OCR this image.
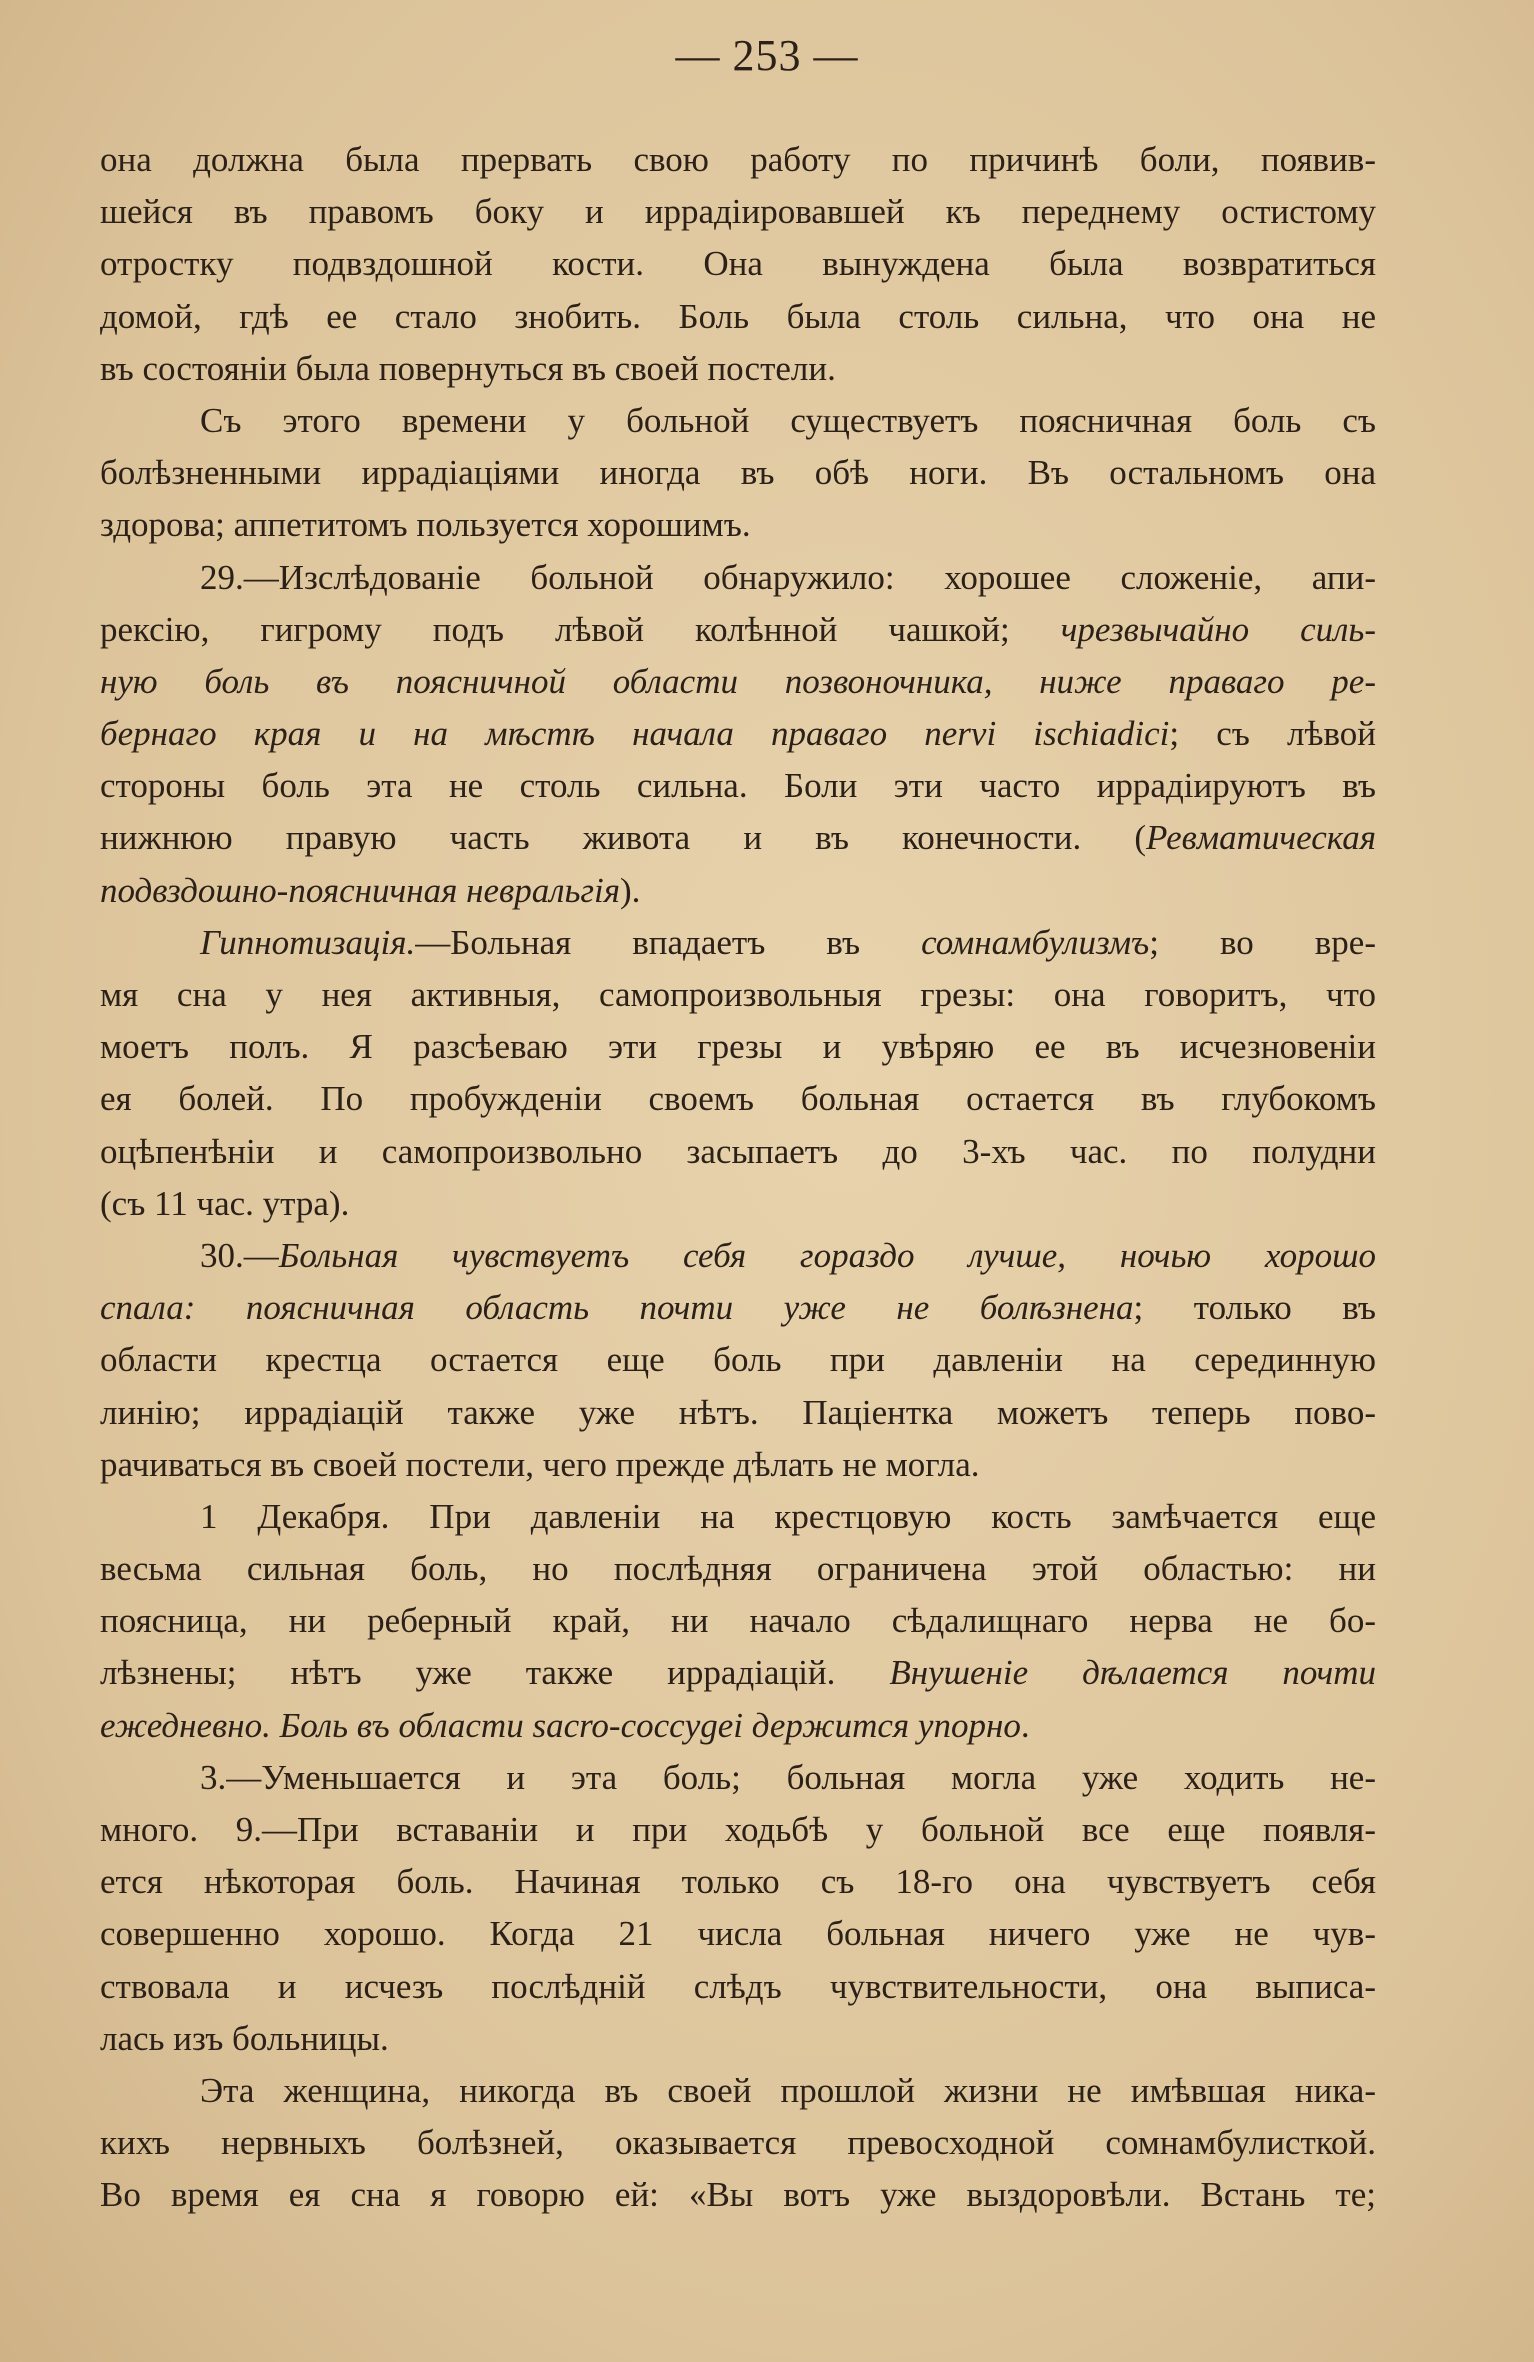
— 253 —
она должна была прервать свою работу по причинѣ боли, появив-
шейся въ правомъ боку и иррадіировавшей къ переднему остистому
отростку подвздошной кости. Она вынуждена была возвратиться
домой, гдѣ ее стало знобить. Боль была столь сильна, что она не
въ состояніи была повернуться въ своей постели.
Съ этого времени у больной существуетъ поясничная боль съ
болѣзненными иррадіаціями иногда въ обѣ ноги. Въ остальномъ она
здорова; аппетитомъ пользуется хорошимъ.
29.—Изслѣдованіе больной обнаружило: хорошее сложеніе, апи-
рексію, гигрому подъ лѣвой колѣнной чашкой; чрезвычайно силь-
ную боль въ поясничной области позвоночника, ниже праваго ре-
бернаго края и на мѣстѣ начала праваго nervi ischiadici; съ лѣвой
стороны боль эта не столь сильна. Боли эти часто иррадіируютъ въ
нижнюю правую часть живота и въ конечности. (Ревматическая
подвздошно-поясничная невральгія).
Гипнотизація.—Больная впадаетъ въ сомнамбулизмъ; во вре-
мя сна у нея активныя, самопроизвольныя грезы: она говоритъ, что
моетъ полъ. Я разсѣеваю эти грезы и увѣряю ее въ исчезновеніи
ея болей. По пробужденіи своемъ больная остается въ глубокомъ
оцѣпенѣніи и самопроизвольно засыпаетъ до 3-хъ час. по полудни
(съ 11 час. утра).
30.—Больная чувствуетъ себя гораздо лучше, ночью хорошо
спала: поясничная область почти уже не болѣзнена; только въ
области крестца остается еще боль при давленіи на серединную
линію; иррадіацій также уже нѣтъ. Паціентка можетъ теперь пово-
рачиваться въ своей постели, чего прежде дѣлать не могла.
1 Декабря. При давленіи на крестцовую кость замѣчается еще
весьма сильная боль, но послѣдняя ограничена этой областью: ни
поясница, ни реберный край, ни начало сѣдалищнаго нерва не бо-
лѣзнены; нѣтъ уже также иррадіацій. Внушеніе дѣлается почти
ежедневно. Боль въ области sacro-coccygei держится упорно.
3.—Уменьшается и эта боль; больная могла уже ходить не-
много. 9.—При вставаніи и при ходьбѣ у больной все еще появля-
ется нѣкоторая боль. Начиная только съ 18-го она чувствуетъ себя
совершенно хорошо. Когда 21 числа больная ничего уже не чув-
ствовала и исчезъ послѣдній слѣдъ чувствительности, она выписа-
лась изъ больницы.
Эта женщина, никогда въ своей прошлой жизни не имѣвшая ника-
кихъ нервныхъ болѣзней, оказывается превосходной сомнамбулисткой.
Во время ея сна я говорю ей: «Вы вотъ уже выздоровѣли. Встань те;
